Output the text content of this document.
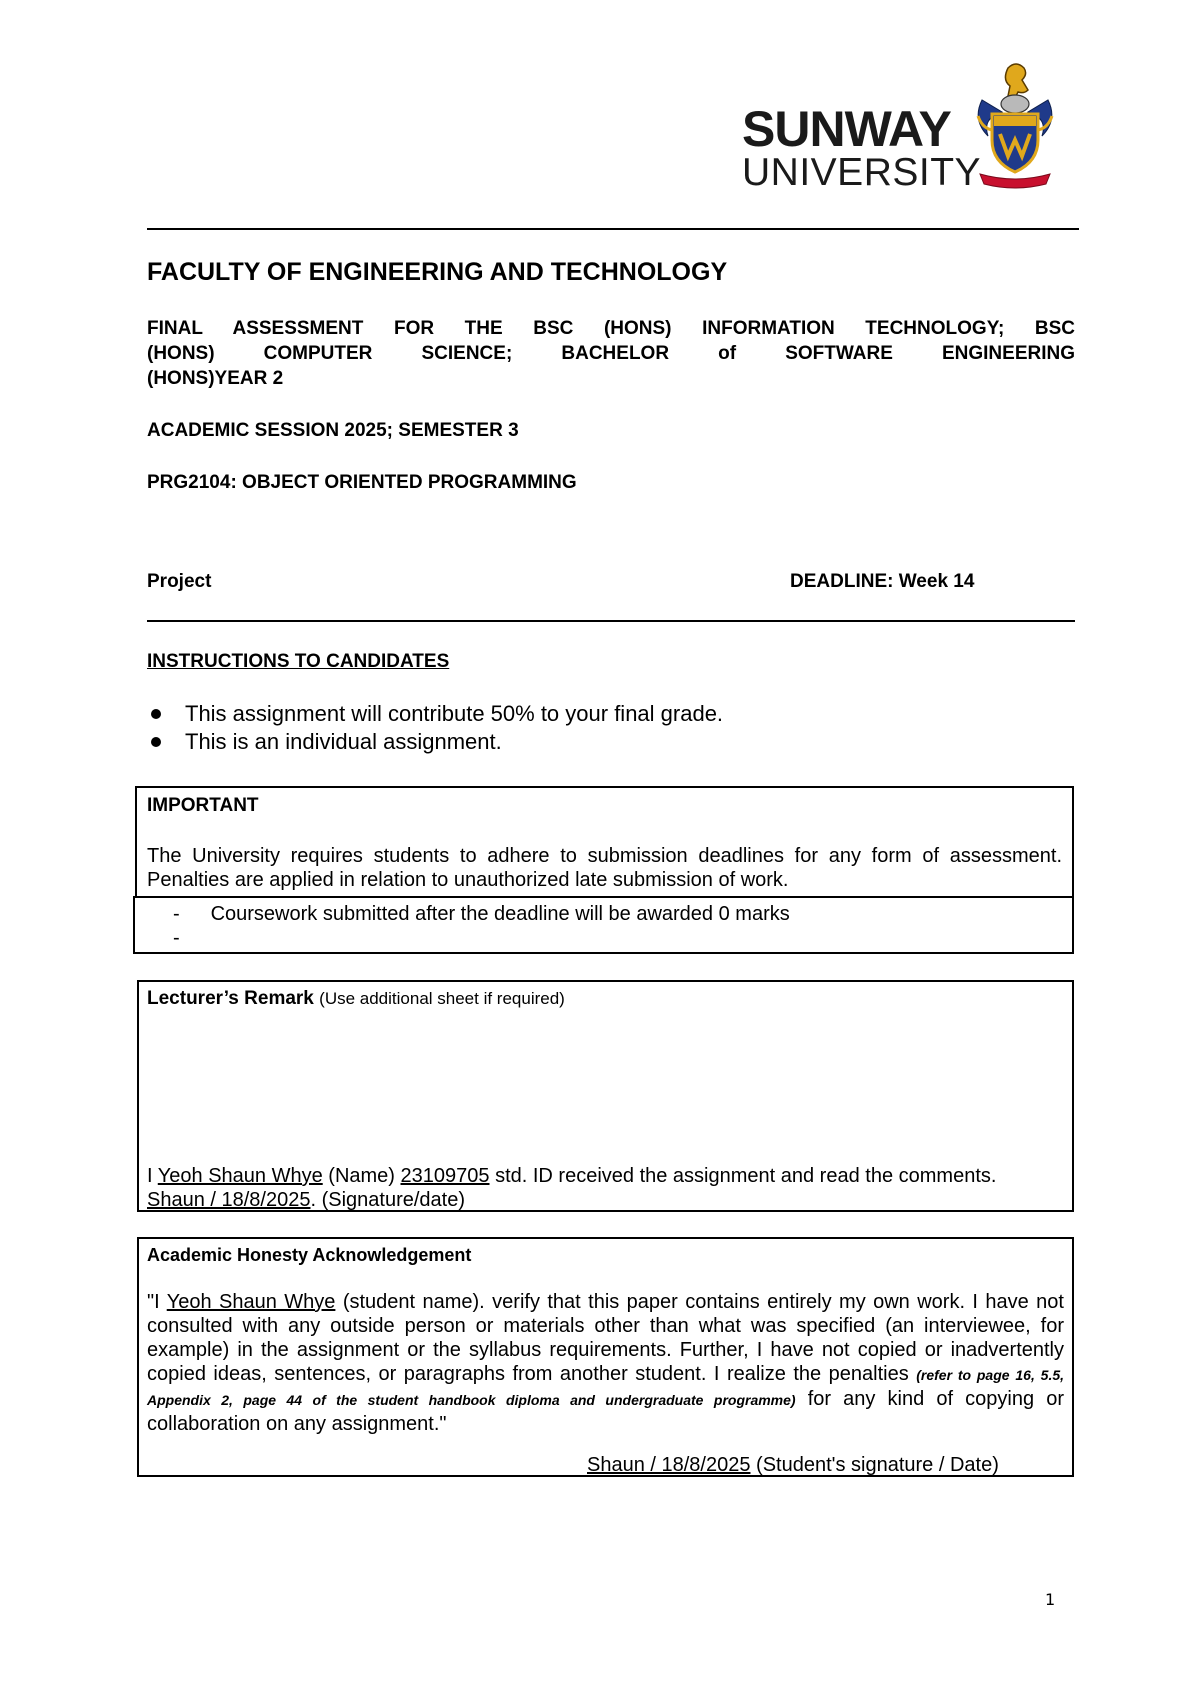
SUNWAY
UNIVERSITY
FACULTY OF ENGINEERING AND TECHNOLOGY
FINAL ASSESSMENT FOR THE BSC (HONS) INFORMATION TECHNOLOGY; BSC
(HONS) COMPUTER SCIENCE; BACHELOR of SOFTWARE ENGINEERING
(HONS)YEAR 2
ACADEMIC SESSION 2025; SEMESTER 3
PRG2104: OBJECT ORIENTED PROGRAMMING
Project	DEADLINE: Week 14
INSTRUCTIONS TO CANDIDATES
This assignment will contribute 50% to your final grade.
This is an individual assignment.
IMPORTANT
The University requires students to adhere to submission deadlines for any form of assessment. Penalties are applied in relation to unauthorized late submission of work.
- Coursework submitted after the deadline will be awarded 0 marks
-
Lecturer’s Remark (Use additional sheet if required)
I Yeoh Shaun Whye (Name) 23109705 std. ID received the assignment and read the comments.
Shaun / 18/8/2025. (Signature/date)
Academic Honesty Acknowledgement
"I Yeoh Shaun Whye (student name). verify that this paper contains entirely my own work. I have not consulted with any outside person or materials other than what was specified (an interviewee, for example) in the assignment or the syllabus requirements. Further, I have not copied or inadvertently copied ideas, sentences, or paragraphs from another student. I realize the penalties (refer to page 16, 5.5, Appendix 2, page 44 of the student handbook diploma and undergraduate programme) for any kind of copying or collaboration on any assignment."
Shaun / 18/8/2025 (Student's signature / Date)
1
